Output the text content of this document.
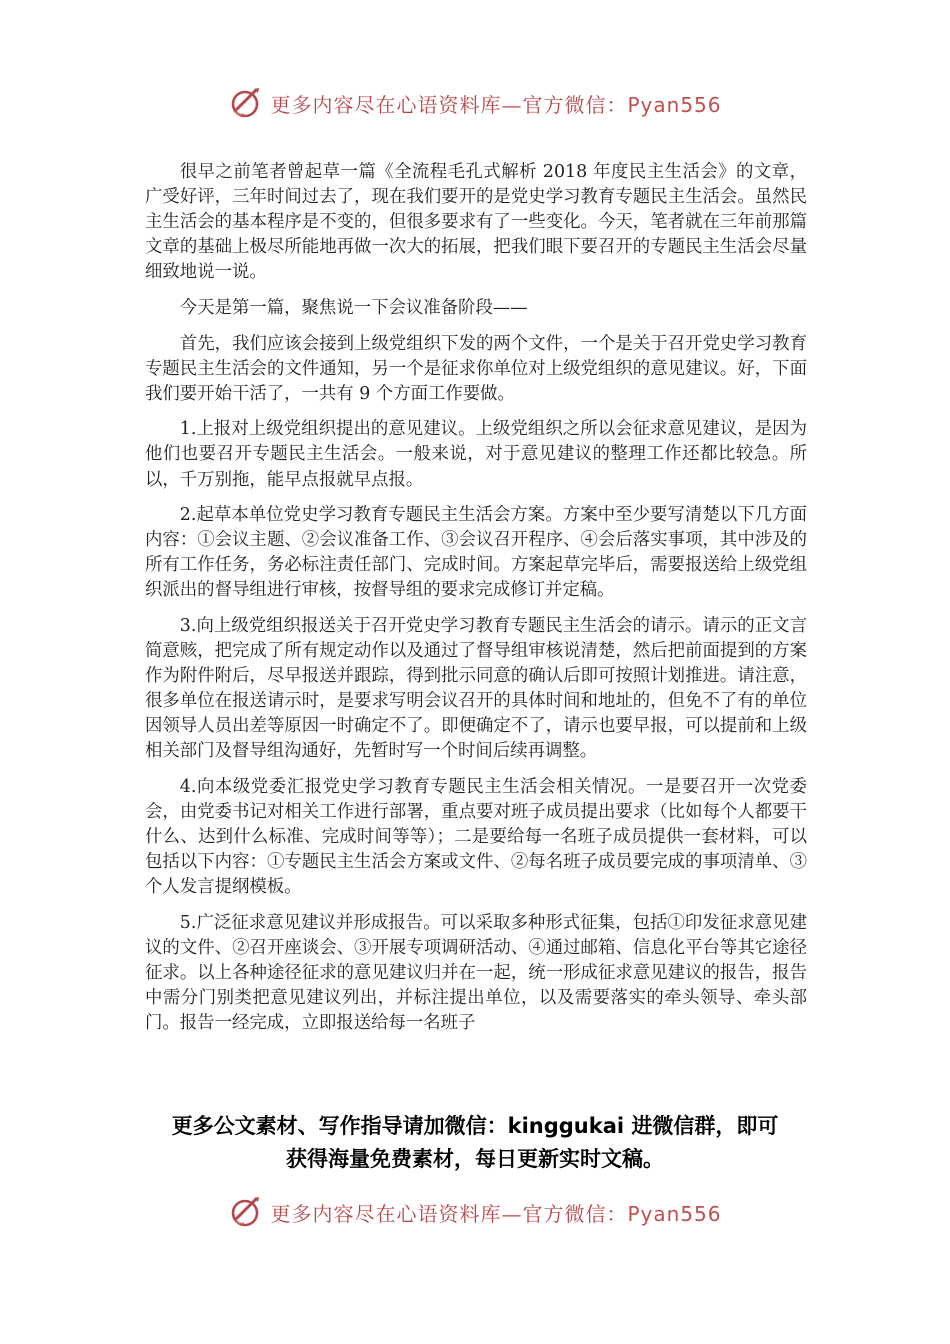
更多内容尽在心语资料库—官方微信：Pyan556

很早之前笔者曾起草一篇《全流程毛孔式解析 2018 年度民主生活会》的文章，广受好评，三年时间过去了，现在我们要开的是党史学习教育专题民主生活会。虽然民主生活会的基本程序是不变的，但很多要求有了一些变化。今天，笔者就在三年前那篇文章的基础上极尽所能地再做一次大的拓展，把我们眼下要召开的专题民主生活会尽量细致地说一说。

今天是第一篇，聚焦说一下会议准备阶段——

首先，我们应该会接到上级党组织下发的两个文件，一个是关于召开党史学习教育专题民主生活会的文件通知，另一个是征求你单位对上级党组织的意见建议。好，下面我们要开始干活了，一共有 9 个方面工作要做。

1.上报对上级党组织提出的意见建议。上级党组织之所以会征求意见建议，是因为他们也要召开专题民主生活会。一般来说，对于意见建议的整理工作还都比较急。所以，千万别拖，能早点报就早点报。

2.起草本单位党史学习教育专题民主生活会方案。方案中至少要写清楚以下几方面内容：①会议主题、②会议准备工作、③会议召开程序、④会后落实事项，其中涉及的所有工作任务，务必标注责任部门、完成时间。方案起草完毕后，需要报送给上级党组织派出的督导组进行审核，按督导组的要求完成修订并定稿。

3.向上级党组织报送关于召开党史学习教育专题民主生活会的请示。请示的正文言简意赅，把完成了所有规定动作以及通过了督导组审核说清楚，然后把前面提到的方案作为附件附后，尽早报送并跟踪，得到批示同意的确认后即可按照计划推进。请注意，很多单位在报送请示时，是要求写明会议召开的具体时间和地址的，但免不了有的单位因领导人员出差等原因一时确定不了。即便确定不了，请示也要早报，可以提前和上级相关部门及督导组沟通好，先暂时写一个时间后续再调整。

4.向本级党委汇报党史学习教育专题民主生活会相关情况。一是要召开一次党委会，由党委书记对相关工作进行部署，重点要对班子成员提出要求（比如每个人都要干什么、达到什么标准、完成时间等等）；二是要给每一名班子成员提供一套材料，可以包括以下内容：①专题民主生活会方案或文件、②每名班子成员要完成的事项清单、③个人发言提纲模板。

5.广泛征求意见建议并形成报告。可以采取多种形式征集，包括①印发征求意见建议的文件、②召开座谈会、③开展专项调研活动、④通过邮箱、信息化平台等其它途径征求。以上各种途径征求的意见建议归并在一起，统一形成征求意见建议的报告，报告中需分门别类把意见建议列出，并标注提出单位，以及需要落实的牵头领导、牵头部门。报告一经完成，立即报送给每一名班子

更多公文素材、写作指导请加微信：kinggukai 进微信群，即可
获得海量免费素材，每日更新实时文稿。
更多内容尽在心语资料库—官方微信：Pyan556
